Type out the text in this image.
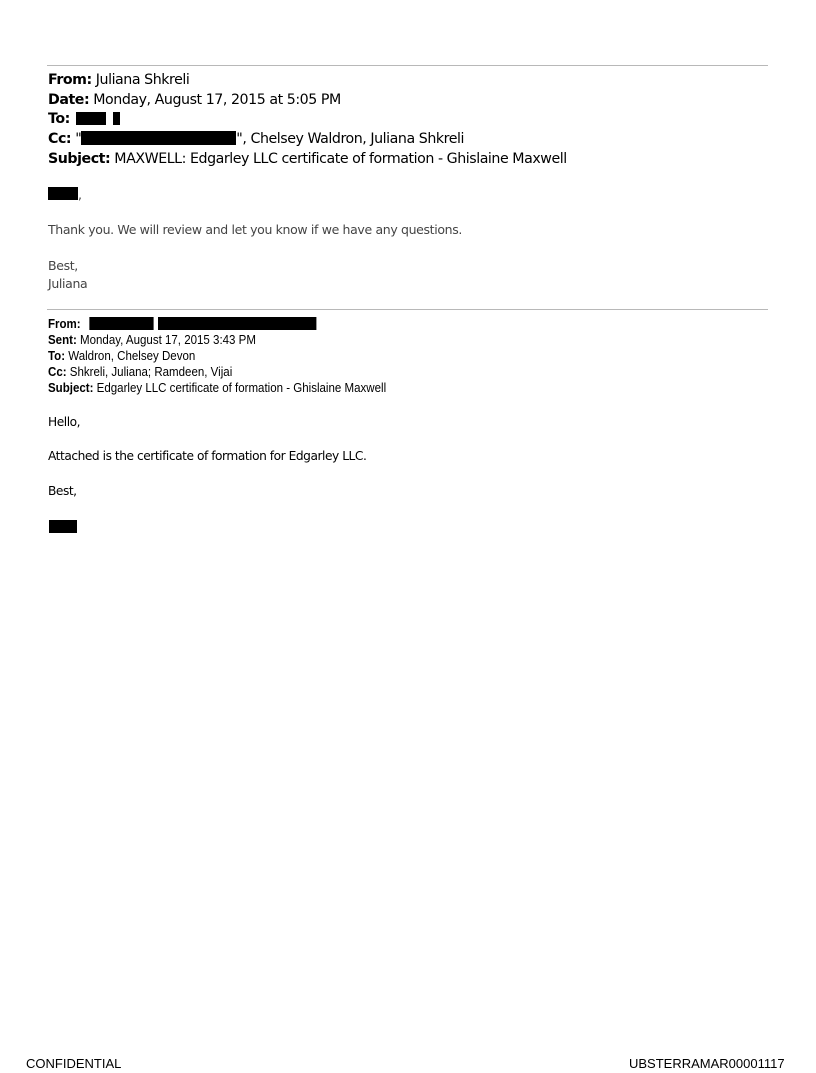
From: Juliana Shkreli
Date: Monday, August 17, 2015 at 5:05 PM
To:
Cc: "	", Chelsey Waldron, Juliana Shkreli
Subject: MAXWELL: Edgarley LLC certificate of formation - Ghislaine Maxwell
,
Thank you. We will review and let you know if we have any questions.
Best,
Juliana
From:
Sent: Monday, August 17, 2015 3:43 PM
To: Waldron, Chelsey Devon
Cc: Shkreli, Juliana; Ramdeen, Vijai
Subject: Edgarley LLC certificate of formation - Ghislaine Maxwell
Hello,
Attached is the certificate of formation for Edgarley LLC.
Best,
CONFIDENTIAL	UBSTERRAMAR00001117
